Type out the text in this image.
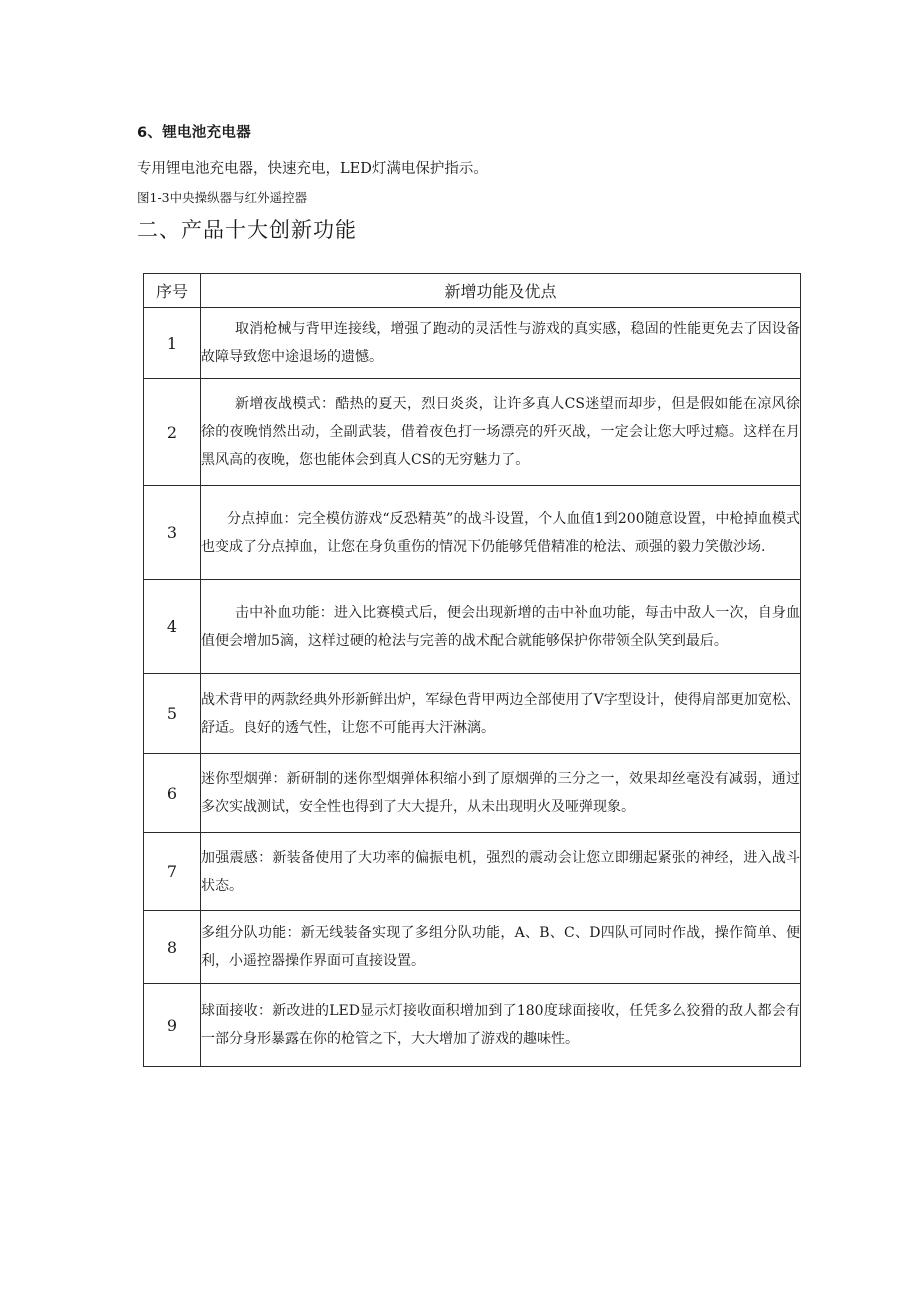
6、锂电池充电器
专用锂电池充电器，快速充电，LED灯满电保护指示。
图1-3中央操纵器与红外遥控器
二、产品十大创新功能
序号	新增功能及优点
1	取消枪械与背甲连接线，增强了跑动的灵活性与游戏的真实感，稳固的性能更免去了因设备故障导致您中途退场的遗憾。
2	新增夜战模式：酷热的夏天，烈日炎炎，让许多真人CS迷望而却步，但是假如能在凉风徐徐的夜晚悄然出动，全副武装，借着夜色打一场漂亮的歼灭战，一定会让您大呼过瘾。这样在月黑风高的夜晚，您也能体会到真人CS的无穷魅力了。
3	分点掉血：完全模仿游戏“反恐精英”的战斗设置，个人血值1到200随意设置，中枪掉血模式也变成了分点掉血，让您在身负重伤的情况下仍能够凭借精准的枪法、顽强的毅力笑傲沙场.
4	击中补血功能：进入比赛模式后，便会出现新增的击中补血功能，每击中敌人一次，自身血值便会增加5滴，这样过硬的枪法与完善的战术配合就能够保护你带领全队笑到最后。
5	战术背甲的两款经典外形新鲜出炉，军绿色背甲两边全部使用了V字型设计，使得肩部更加宽松、舒适。良好的透气性，让您不可能再大汗淋漓。
6	迷你型烟弹：新研制的迷你型烟弹体积缩小到了原烟弹的三分之一，效果却丝毫没有减弱，通过多次实战测试，安全性也得到了大大提升，从未出现明火及哑弹现象。
7	加强震感：新装备使用了大功率的偏振电机，强烈的震动会让您立即绷起紧张的神经，进入战斗状态。
8	多组分队功能：新无线装备实现了多组分队功能，A、B、C、D四队可同时作战，操作简单、便利，小遥控器操作界面可直接设置。
9	球面接收：新改进的LED显示灯接收面积增加到了180度球面接收，任凭多么狡猾的敌人都会有一部分身形暴露在你的枪管之下，大大增加了游戏的趣味性。
